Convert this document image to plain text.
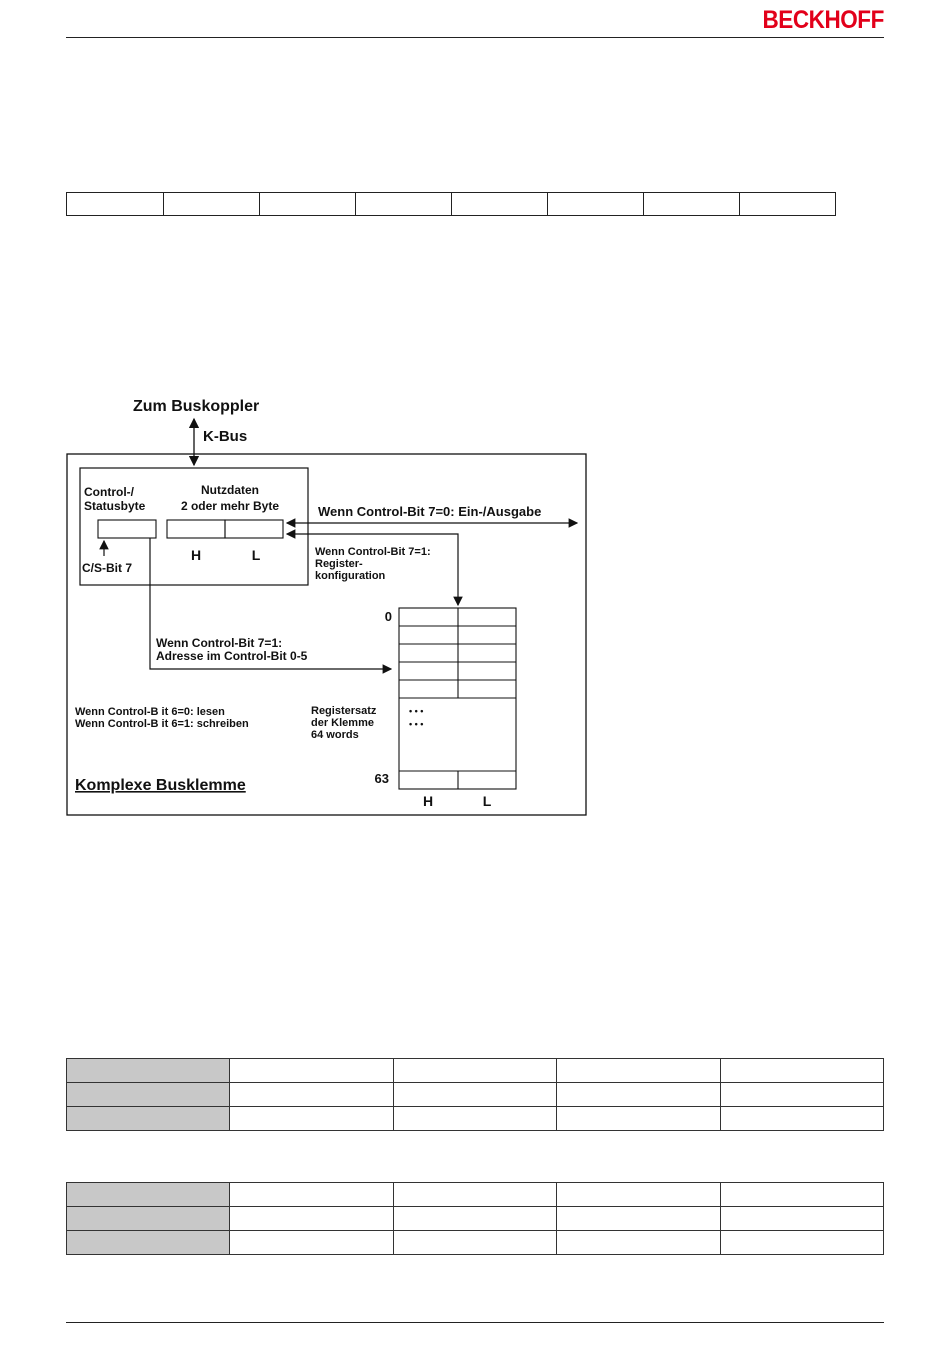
BECKHOFF
Zum Buskoppler
K-Bus
Control-/
Statusbyte
Nutzdaten
2 oder mehr Byte
H	L
C/S-Bit 7
Wenn Control-Bit 7=0: Ein-/Ausgabe
Wenn Control-Bit 7=1:
Register-
konfiguration
Wenn Control-Bit 7=1:
Adresse im Control-Bit 0-5
Wenn Control-B it 6=0: lesen
Wenn Control-B it 6=1: schreiben
Registersatz
der Klemme
64 words
• • •
• • •
0
63
H	L
Komplexe Busklemme
